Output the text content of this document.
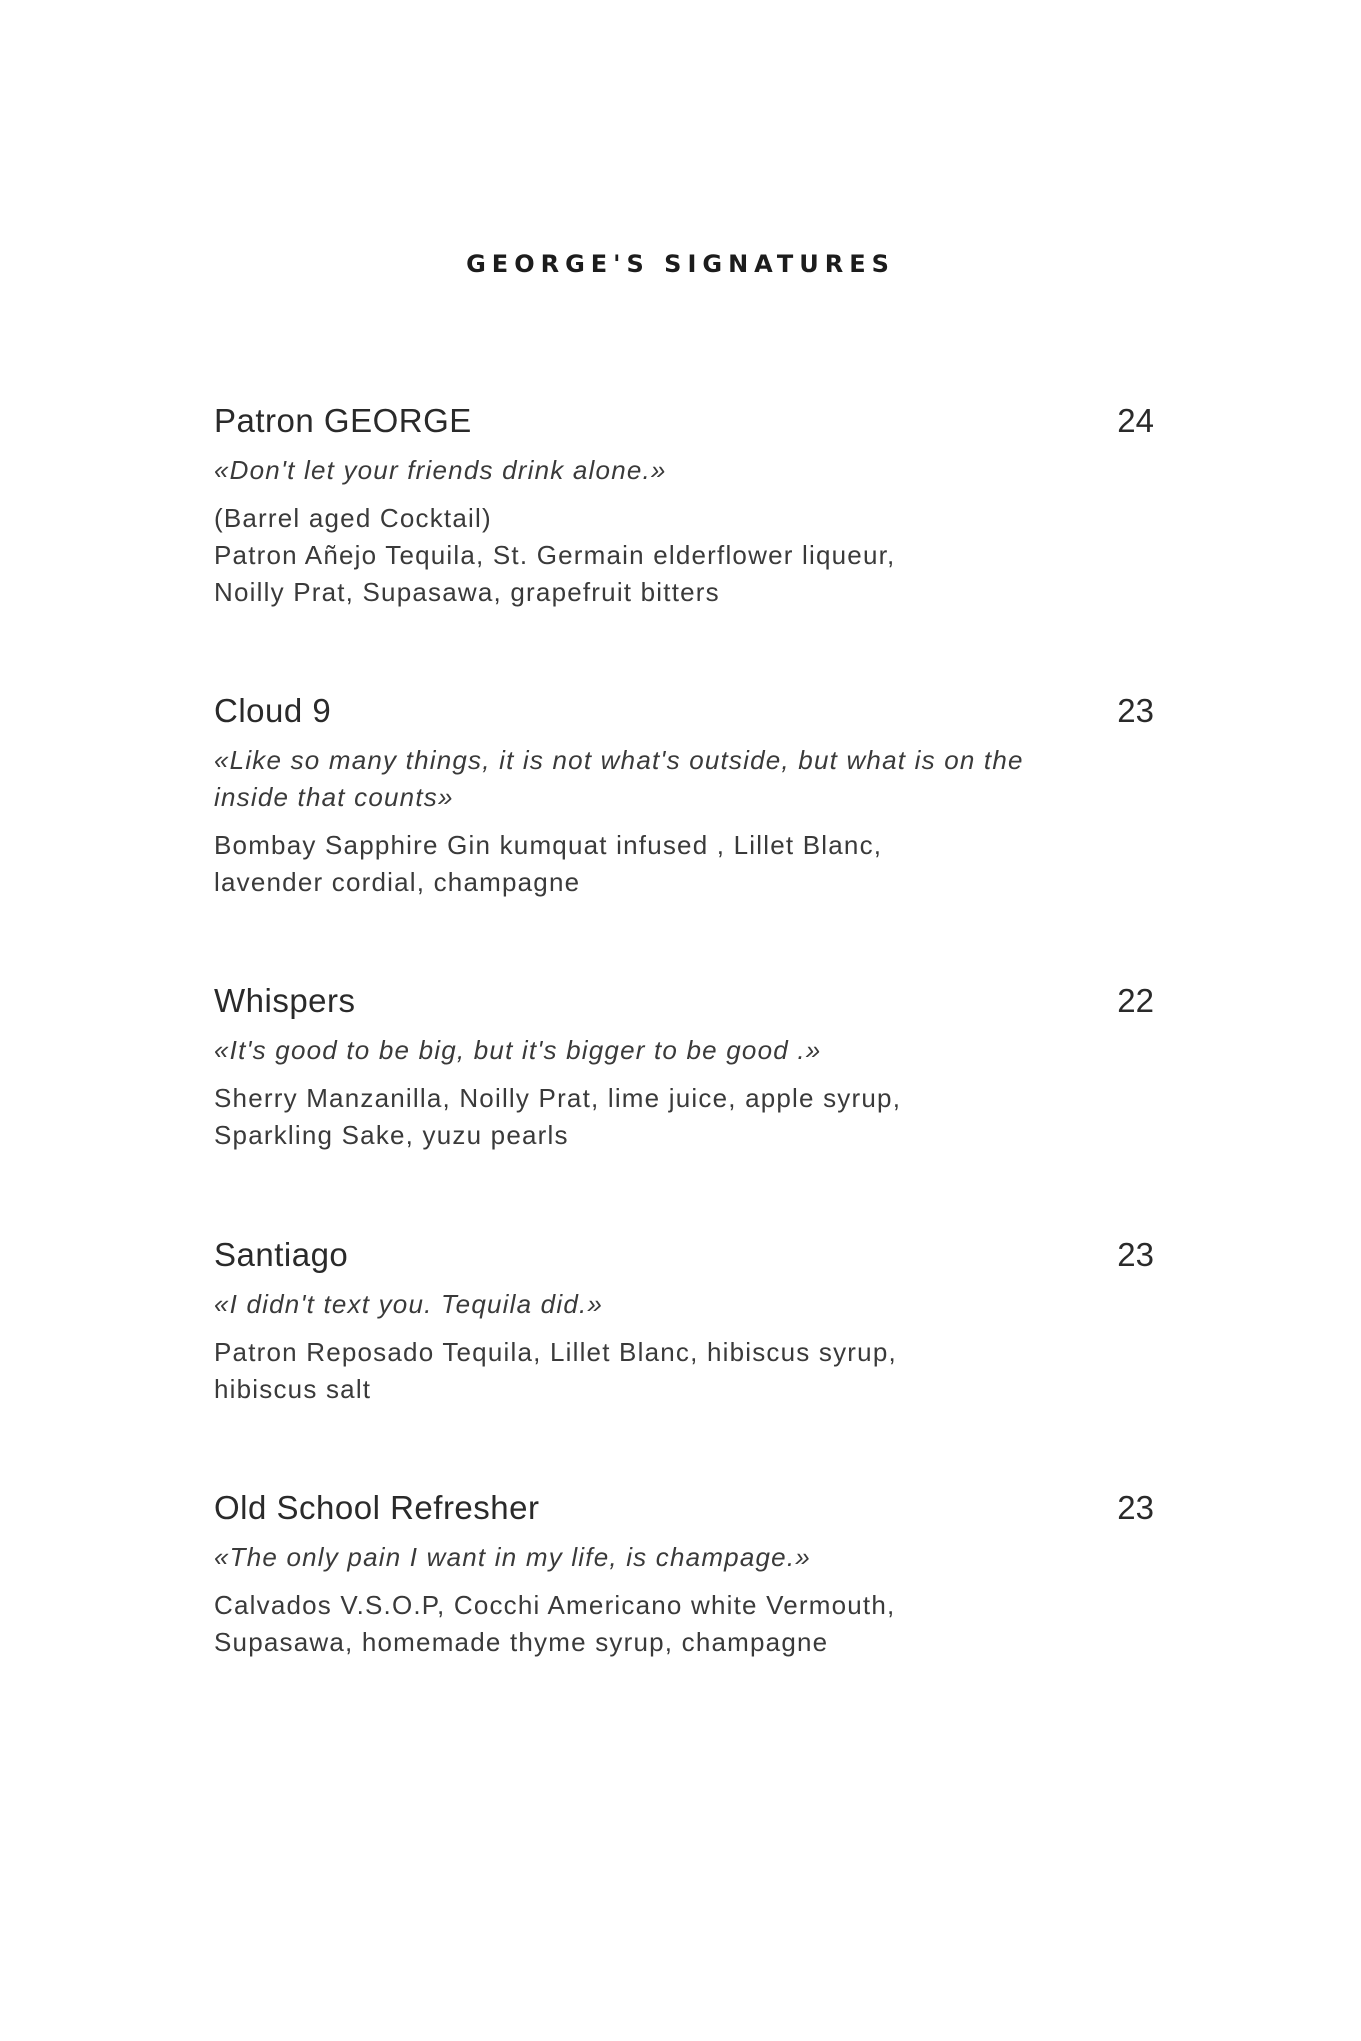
GEORGE'S SIGNATURES
Patron GEORGE	24
«Don't let your friends drink alone.»
(Barrel aged Cocktail)
Patron Añejo Tequila, St. Germain elderflower liqueur,
Noilly Prat, Supasawa, grapefruit bitters
Cloud 9	23
«Like so many things, it is not what's outside, but what is on the inside that counts»
Bombay Sapphire Gin kumquat infused , Lillet Blanc,
lavender cordial, champagne
Whispers	22
«It's good to be big, but it's bigger to be good .»
Sherry Manzanilla, Noilly Prat, lime juice, apple syrup,
Sparkling Sake, yuzu pearls
Santiago	23
«I didn't text you. Tequila did.»
Patron Reposado Tequila, Lillet Blanc, hibiscus syrup,
hibiscus salt
Old School Refresher	23
«The only pain I want in my life, is champage.»
Calvados V.S.O.P, Cocchi Americano white Vermouth,
Supasawa, homemade thyme syrup, champagne
